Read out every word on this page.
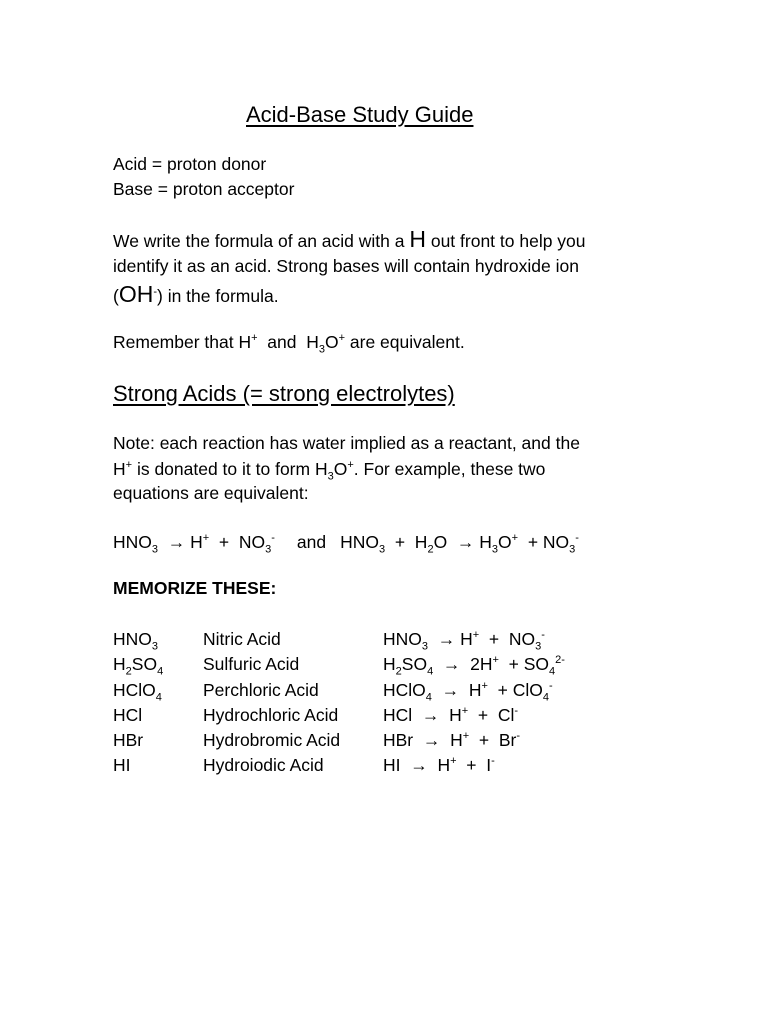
Acid-Base Study Guide
Acid = proton donor
Base = proton acceptor
We write the formula of an acid with a H out front to help you
identify it as an acid. Strong bases will contain hydroxide ion
(OH-) in the formula.
Remember that H+  and  $H_3O^+$ are equivalent.
Strong Acids (= strong electrolytes)
Note: each reaction has water implied as a reactant, and the
H+ is donated to it to form $H_3O^+$. For example, these two
equations are equivalent:
$HNO_3 \to H^+ + NO_3^-$ and $HNO_3 + H_2O \to H_3O^+ + NO_3^-$
MEMORIZE THESE:
$HNO_3$	Nitric Acid	$HNO_3 \to H^+ + NO_3^-$
$H_2SO_4$ Sulfuric Acid	$H_2SO_4 \to 2H^+ + SO_4^{2-}$
HClO$_4$ Perchloric Acid	HClO$_4$  →  H+  + ClO$_4$-
HCl	Hydrochloric Acid	HCl  →  H+  +  Cl-
HBr	Hydrobromic Acid HBr  →  H+  +  Br-
HI	Hydroiodic Acid	HI  →  H+  +  I-
